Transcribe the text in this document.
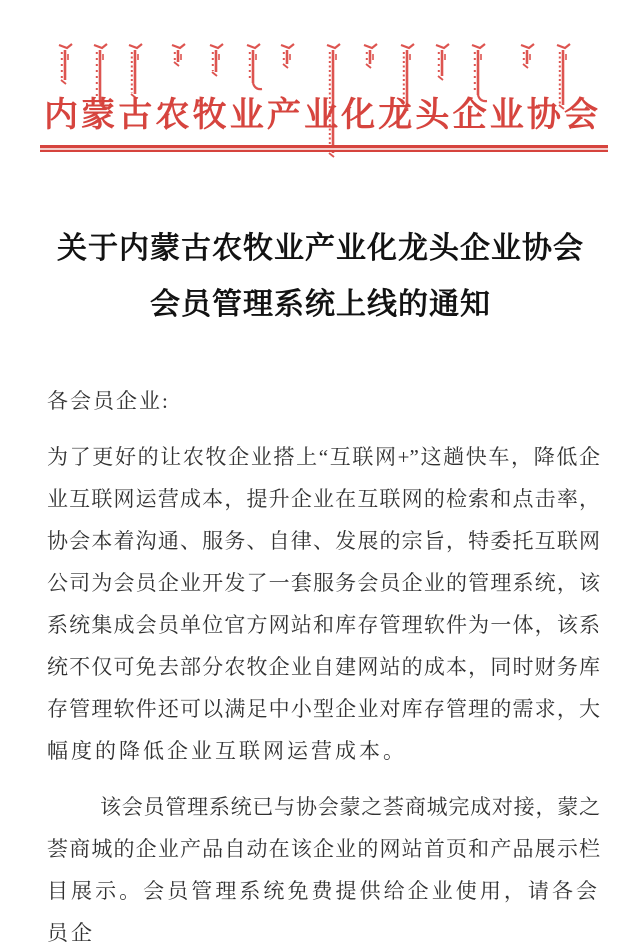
内蒙古农牧业产业化龙头企业协会
关于内蒙古农牧业产业化龙头企业协会
会员管理系统上线的通知
各会员企业:
为了更好的让农牧企业搭上“互联网+”这趟快车，降低企
业互联网运营成本，提升企业在互联网的检索和点击率，
协会本着沟通、服务、自律、发展的宗旨，特委托互联网
公司为会员企业开发了一套服务会员企业的管理系统，该
系统集成会员单位官方网站和库存管理软件为一体，该系
统不仅可免去部分农牧企业自建网站的成本，同时财务库
存管理软件还可以满足中小型企业对库存管理的需求，大
幅度的降低企业互联网运营成本。
该会员管理系统已与协会蒙之荟商城完成对接，蒙之
荟商城的企业产品自动在该企业的网站首页和产品展示栏
目展示。会员管理系统免费提供给企业使用，请各会员企
